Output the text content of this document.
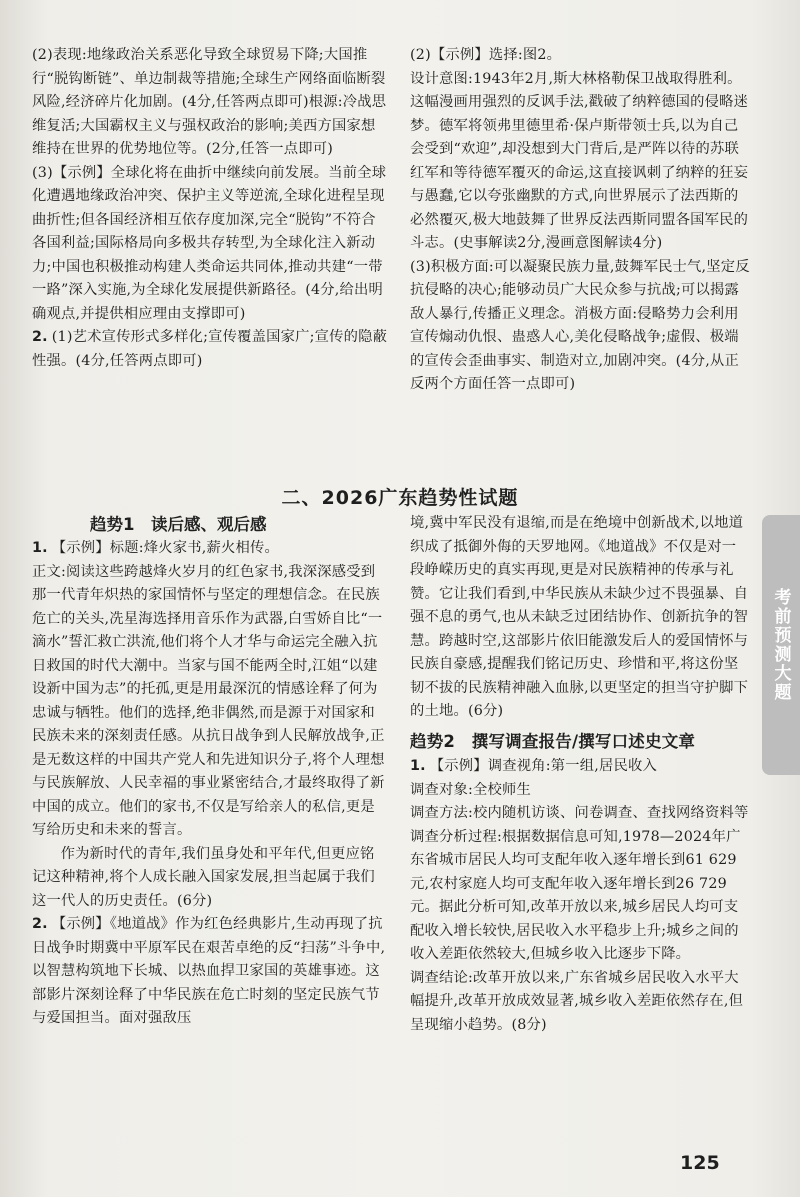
(2)表现:地缘政治关系恶化导致全球贸易下降;大国推行“脱钩断链”、单边制裁等措施;全球生产网络面临断裂风险,经济碎片化加剧。(4分,任答两点即可)根源:冷战思维复活;大国霸权主义与强权政治的影响;美西方国家想维持在世界的优势地位等。(2分,任答一点即可)

(3)【示例】全球化将在曲折中继续向前发展。当前全球化遭遇地缘政治冲突、保护主义等逆流,全球化进程呈现曲折性;但各国经济相互依存度加深,完全“脱钩”不符合各国利益;国际格局向多极共存转型,为全球化注入新动力;中国也积极推动构建人类命运共同体,推动共建“一带一路”深入实施,为全球化发展提供新路径。(4分,给出明确观点,并提供相应理由支撑即可)

2. (1)艺术宣传形式多样化;宣传覆盖国家广;宣传的隐蔽性强。(4分,任答两点即可)

(2)【示例】选择:图2。

设计意图:1943年2月,斯大林格勒保卫战取得胜利。这幅漫画用强烈的反讽手法,戳破了纳粹德国的侵略迷梦。德军将领弗里德里希·保卢斯带领士兵,以为自己会受到“欢迎”,却没想到大门背后,是严阵以待的苏联红军和等待德军覆灭的命运,这直接讽刺了纳粹的狂妄与愚蠢,它以夸张幽默的方式,向世界展示了法西斯的必然覆灭,极大地鼓舞了世界反法西斯同盟各国军民的斗志。(史事解读2分,漫画意图解读4分)

(3)积极方面:可以凝聚民族力量,鼓舞军民士气,坚定反抗侵略的决心;能够动员广大民众参与抗战;可以揭露敌人暴行,传播正义理念。消极方面:侵略势力会利用宣传煽动仇恨、蛊惑人心,美化侵略战争;虚假、极端的宣传会歪曲事实、制造对立,加剧冲突。(4分,从正反两个方面任答一点即可)

二、2026广东趋势性试题
趋势1　读后感、观后感

1. 【示例】标题:烽火家书,薪火相传。

正文:阅读这些跨越烽火岁月的红色家书,我深深感受到那一代青年炽热的家国情怀与坚定的理想信念。在民族危亡的关头,冼星海选择用音乐作为武器,白雪娇自比“一滴水”誓汇救亡洪流,他们将个人才华与命运完全融入抗日救国的时代大潮中。当家与国不能两全时,江姐“以建设新中国为志”的托孤,更是用最深沉的情感诠释了何为忠诚与牺牲。他们的选择,绝非偶然,而是源于对国家和民族未来的深刻责任感。从抗日战争到人民解放战争,正是无数这样的中国共产党人和先进知识分子,将个人理想与民族解放、人民幸福的事业紧密结合,才最终取得了新中国的成立。他们的家书,不仅是写给亲人的私信,更是写给历史和未来的誓言。

作为新时代的青年,我们虽身处和平年代,但更应铭记这种精神,将个人成长融入国家发展,担当起属于我们这一代人的历史责任。(6分)

2. 【示例】《地道战》作为红色经典影片,生动再现了抗日战争时期冀中平原军民在艰苦卓绝的反“扫荡”斗争中,以智慧构筑地下长城、以热血捍卫家国的英雄事迹。这部影片深刻诠释了中华民族在危亡时刻的坚定民族气节与爱国担当。面对强敌压

境,冀中军民没有退缩,而是在绝境中创新战术,以地道织成了抵御外侮的天罗地网。《地道战》不仅是对一段峥嵘历史的真实再现,更是对民族精神的传承与礼赞。它让我们看到,中华民族从未缺少过不畏强暴、自强不息的勇气,也从未缺乏过团结协作、创新抗争的智慧。跨越时空,这部影片依旧能激发后人的爱国情怀与民族自豪感,提醒我们铭记历史、珍惜和平,将这份坚韧不拔的民族精神融入血脉,以更坚定的担当守护脚下的土地。(6分)

趋势2　撰写调查报告/撰写口述史文章

1. 【示例】调查视角:第一组,居民收入

调查对象:全校师生

调查方法:校内随机访谈、问卷调查、查找网络资料等

调查分析过程:根据数据信息可知,1978—2024年广东省城市居民人均可支配年收入逐年增长到61 629元,农村家庭人均可支配年收入逐年增长到26 729元。据此分析可知,改革开放以来,城乡居民人均可支配收入增长较快,居民收入水平稳步上升;城乡之间的收入差距依然较大,但城乡收入比逐步下降。

调查结论:改革开放以来,广东省城乡居民收入水平大幅提升,改革开放成效显著,城乡收入差距依然存在,但呈现缩小趋势。(8分)

考前预测大题
125
